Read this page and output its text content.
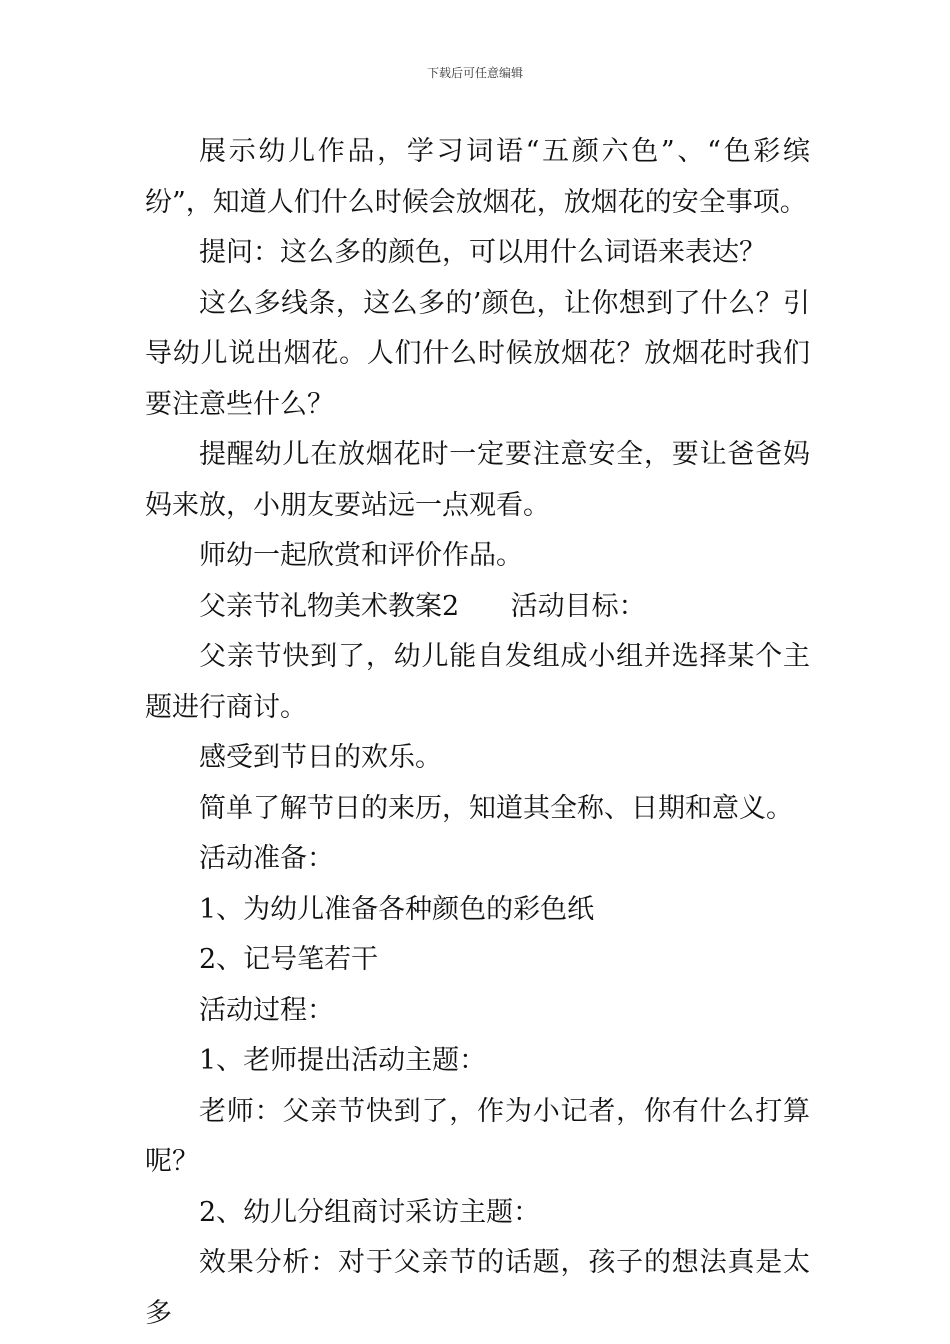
下载后可任意编辑

展示幼儿作品，学习词语“五颜六色”、“色彩缤纷”，知道人们什么时候会放烟花，放烟花的安全事项。

提问：这么多的颜色，可以用什么词语来表达？

这么多线条，这么多的’颜色，让你想到了什么？引导幼儿说出烟花。人们什么时候放烟花？放烟花时我们要注意些什么？

提醒幼儿在放烟花时一定要注意安全，要让爸爸妈妈来放，小朋友要站远一点观看。

师幼一起欣赏和评价作品。

父亲节礼物美术教案2      活动目标：

父亲节快到了，幼儿能自发组成小组并选择某个主题进行商讨。

感受到节日的欢乐。

简单了解节日的来历，知道其全称、日期和意义。

活动准备：

1、为幼儿准备各种颜色的彩色纸

2、记号笔若干

活动过程：

1、老师提出活动主题：

老师：父亲节快到了，作为小记者，你有什么打算呢？

2、幼儿分组商讨采访主题：

效果分析：对于父亲节的话题，孩子的想法真是太多
